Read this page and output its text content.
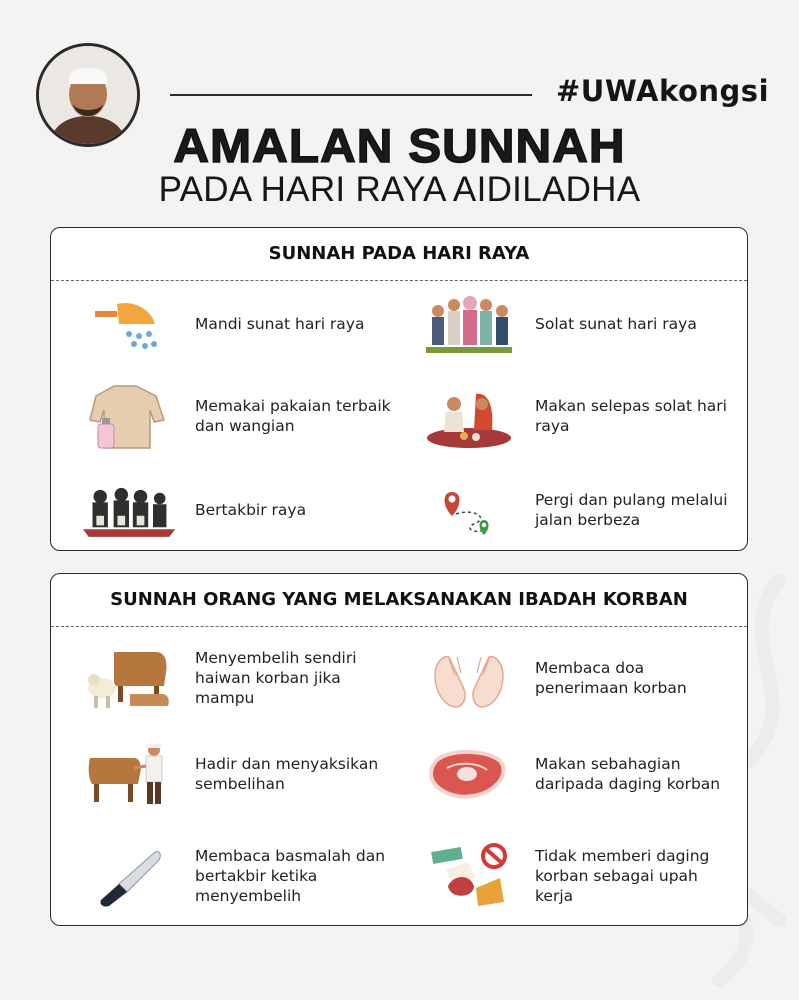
#UWAkongsi
AMALAN SUNNAH
PADA HARI RAYA AIDILADHA
SUNNAH PADA HARI RAYA
Mandi sunat hari raya	Solat sunat hari raya
Memakai pakaian terbaik dan wangian
Makan selepas solat hari raya
Bertakbir raya
Pergi dan pulang melalui jalan berbeza
SUNNAH ORANG YANG MELAKSANAKAN IBADAH KORBAN
Menyembelih sendiri haiwan korban jika mampu
Membaca doa penerimaan korban
Hadir dan menyaksikan sembelihan
Makan sebahagian daripada daging korban
Membaca basmalah dan bertakbir ketika menyembelih
Tidak memberi daging korban sebagai upah kerja
